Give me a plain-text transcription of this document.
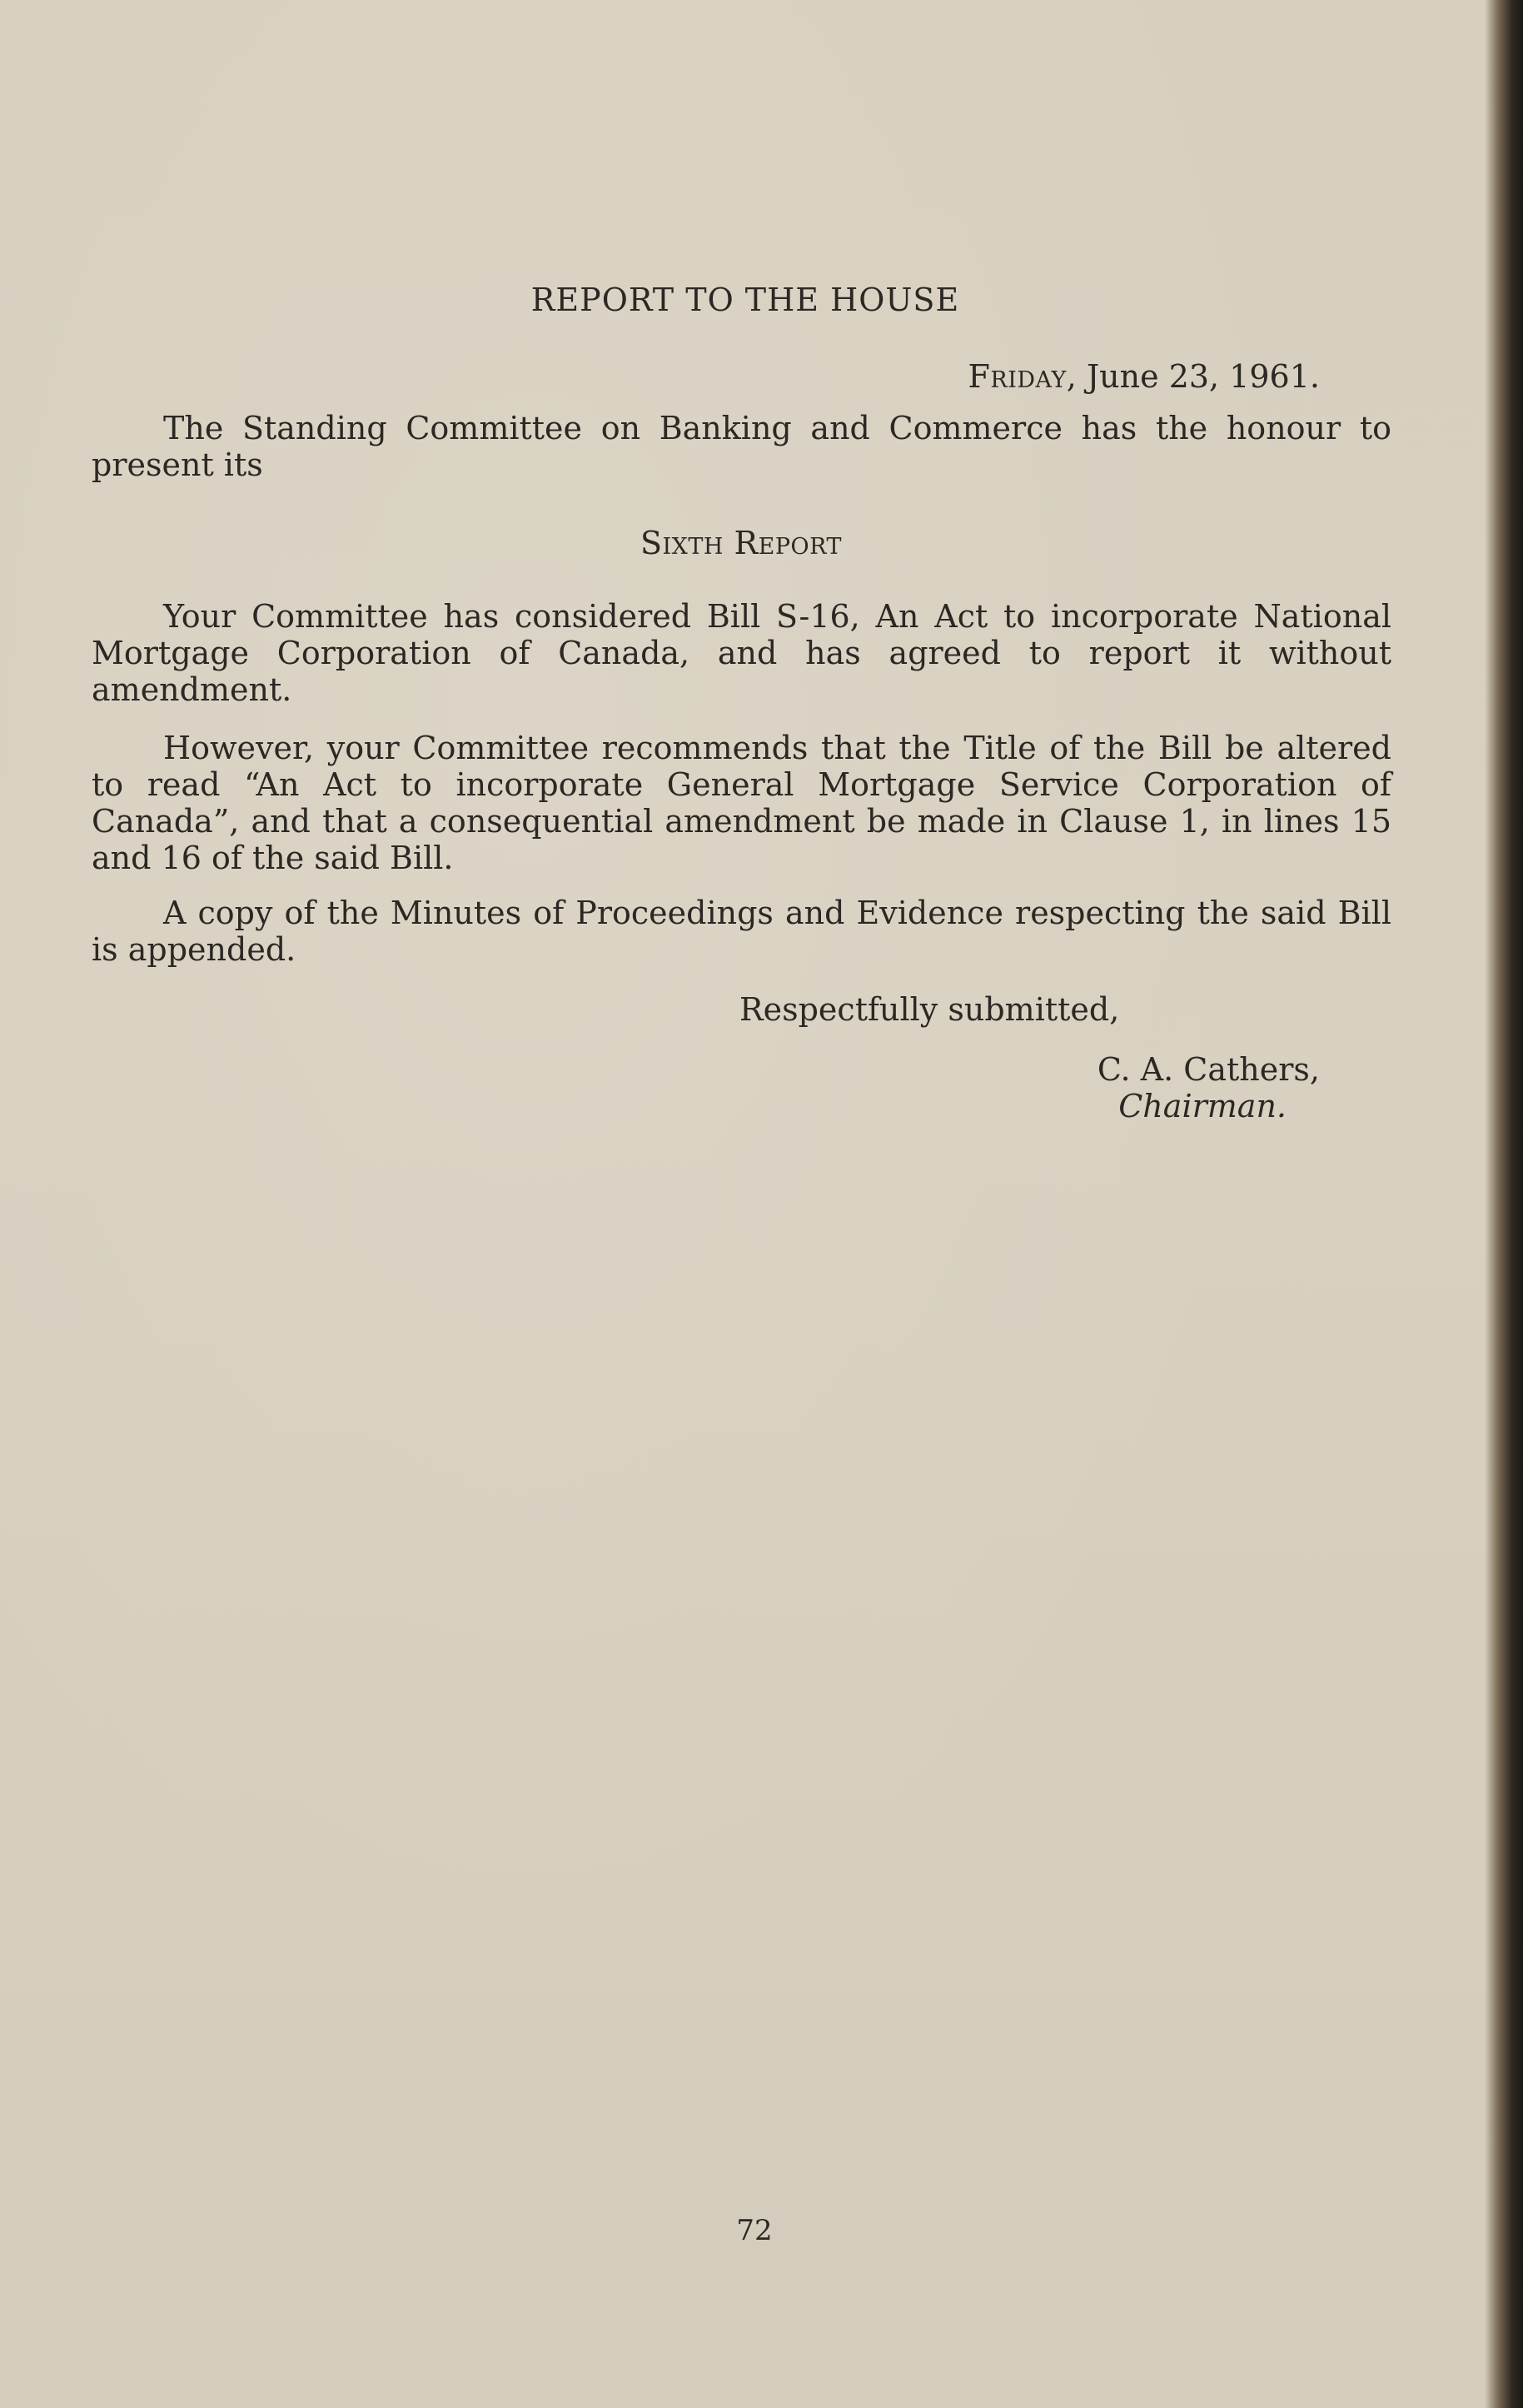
REPORT TO THE HOUSE
Friday, June 23, 1961.
The Standing Committee on Banking and Commerce has the honour to present its
Sixth Report
Your Committee has considered Bill S-16, An Act to incorporate National Mortgage Corporation of Canada, and has agreed to report it without amendment.
However, your Committee recommends that the Title of the Bill be altered to read “An Act to incorporate General Mortgage Service Corporation of Canada”, and that a consequential amendment be made in Clause 1, in lines 15 and 16 of the said Bill.
A copy of the Minutes of Proceedings and Evidence respecting the said Bill is appended.
Respectfully submitted,
C. A. Cathers,
Chairman.
72
